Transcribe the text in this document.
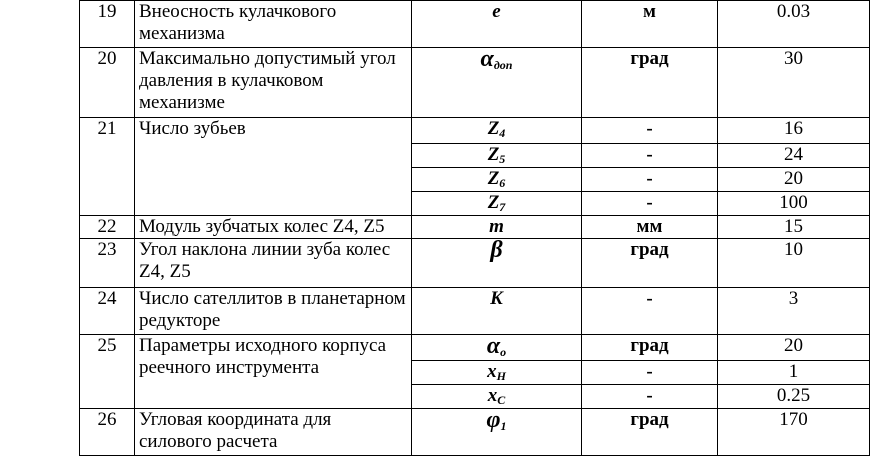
19	Внеосность кулачкового механизма	e	м	0.03
20	Максимально допустимый угол давления в кулачковом механизме	$\alpha_{доп}$	град	30
21	Число зубьев	$Z_4$	-	16
		$Z_5$	-	24
		$Z_6$	-	20
		$Z_7$	-	100
22	Модуль зубчатых колес Z4, Z5	m	мм	15
23	Угол наклона линии зуба колес Z4, Z5	β	град	10
24	Число сателлитов в планетарном редукторе	K	-	3
25	Параметры исходного корпуса реечного инструмента	$\alpha_o$	град	20
		$x_H$	-	1
		$x_C$	-	0.25
26	Угловая координата для силового расчета	$\varphi_1$	град	170
